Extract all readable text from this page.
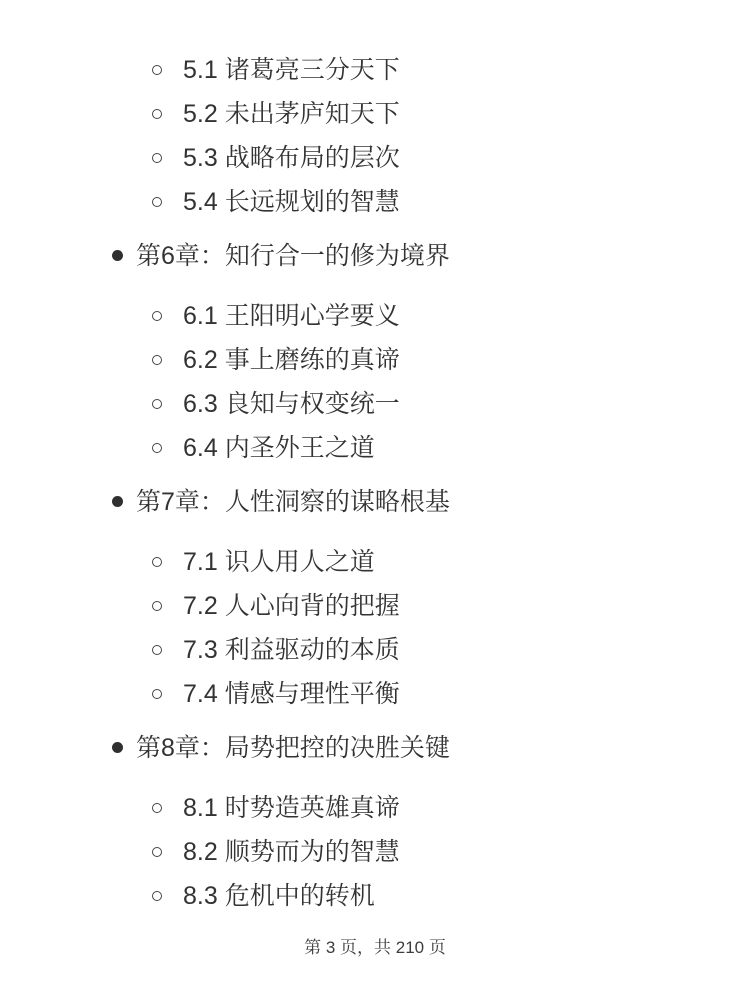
5.1 诸葛亮三分天下
5.2 未出茅庐知天下
5.3 战略布局的层次
5.4 长远规划的智慧
第6章：知行合一的修为境界
6.1 王阳明心学要义
6.2 事上磨练的真谛
6.3 良知与权变统一
6.4 内圣外王之道
第7章：人性洞察的谋略根基
7.1 识人用人之道
7.2 人心向背的把握
7.3 利益驱动的本质
7.4 情感与理性平衡
第8章：局势把控的决胜关键
8.1 时势造英雄真谛
8.2 顺势而为的智慧
8.3 危机中的转机
第 3 页，共 210 页
